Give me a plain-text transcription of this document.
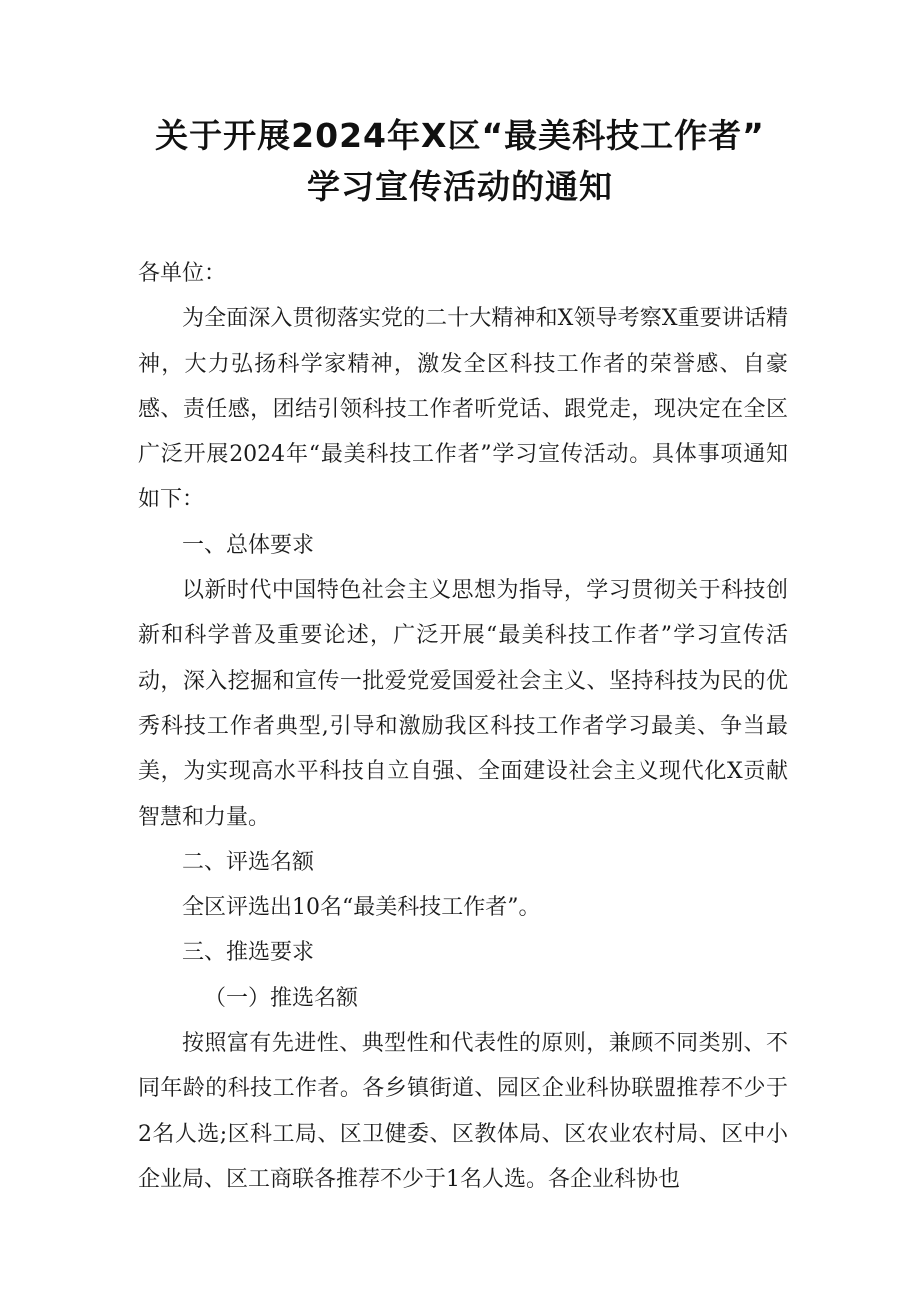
关于开展2024年X区“最美科技工作者”
学习宣传活动的通知

各单位：

为全面深入贯彻落实党的二十大精神和X领导考察X重要讲话精神，大力弘扬科学家精神，激发全区科技工作者的荣誉感、自豪感、责任感，团结引领科技工作者听党话、跟党走，现决定在全区广泛开展2024年“最美科技工作者”学习宣传活动。具体事项通知如下：

一、总体要求

以新时代中国特色社会主义思想为指导，学习贯彻关于科技创新和科学普及重要论述，广泛开展“最美科技工作者”学习宣传活动，深入挖掘和宣传一批爱党爱国爱社会主义、坚持科技为民的优秀科技工作者典型,引导和激励我区科技工作者学习最美、争当最美，为实现高水平科技自立自强、全面建设社会主义现代化X贡献智慧和力量。

二、评选名额

全区评选出10名“最美科技工作者”。

三、推选要求

（一）推选名额

按照富有先进性、典型性和代表性的原则，兼顾不同类别、不同年龄的科技工作者。各乡镇街道、园区企业科协联盟推荐不少于2名人选;区科工局、区卫健委、区教体局、区农业农村局、区中小企业局、区工商联各推荐不少于1名人选。各企业科协也
